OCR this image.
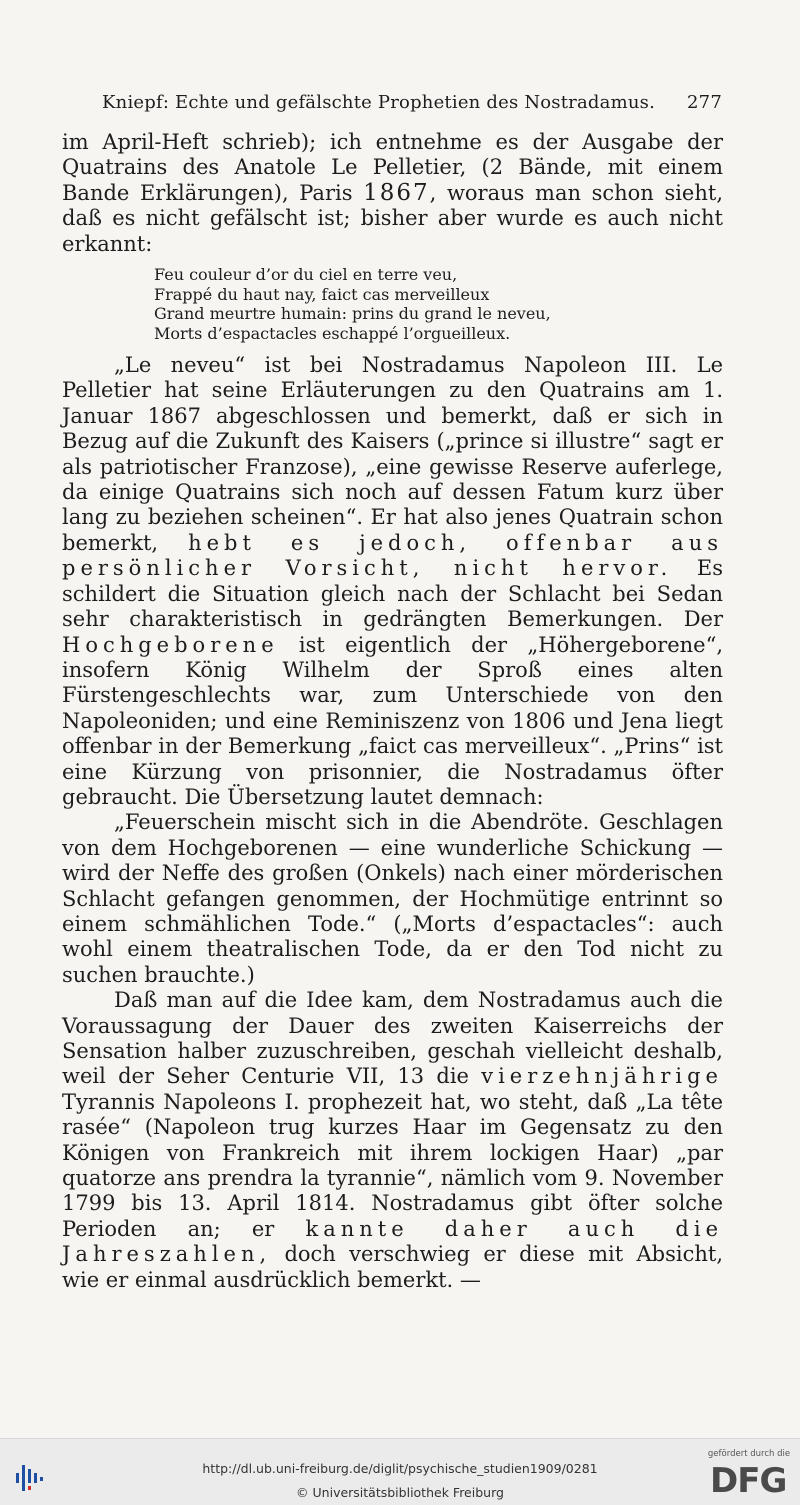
Kniepf: Echte und gefälschte Prophetien des Nostradamus. 277

im April-Heft schrieb); ich entnehme es der Ausgabe der Quatrains des Anatole Le Pelletier, (2 Bände, mit einem Bande Erklärungen), Paris 1867, woraus man schon sieht, daß es nicht gefälscht ist; bisher aber wurde es auch nicht erkannt:

Feu couleur d’or du ciel en terre veu,
Frappé du haut nay, faict cas merveilleux
Grand meurtre humain: prins du grand le neveu,
Morts d’espactacles eschappé l’orgueilleux.

„Le neveu“ ist bei Nostradamus Napoleon III. Le Pelletier hat seine Erläuterungen zu den Quatrains am 1. Januar 1867 abgeschlossen und bemerkt, daß er sich in Bezug auf die Zukunft des Kaisers („prince si illustre“ sagt er als patriotischer Franzose), „eine gewisse Reserve auferlege, da einige Quatrains sich noch auf dessen Fatum kurz über lang zu beziehen scheinen“. Er hat also jenes Quatrain schon bemerkt, hebt es jedoch, offenbar aus persönlicher Vorsicht, nicht hervor. Es schildert die Situation gleich nach der Schlacht bei Sedan sehr charakteristisch in gedrängten Bemerkungen. Der Hochgeborene ist eigentlich der „Höhergeborene“, insofern König Wilhelm der Sproß eines alten Fürstengeschlechts war, zum Unterschiede von den Napoleoniden; und eine Reminiszenz von 1806 und Jena liegt offenbar in der Bemerkung „faict cas merveilleux“. „Prins“ ist eine Kürzung von prisonnier, die Nostradamus öfter gebraucht. Die Übersetzung lautet demnach:

„Feuerschein mischt sich in die Abendröte. Geschlagen von dem Hochgeborenen — eine wunderliche Schickung — wird der Neffe des großen (Onkels) nach einer mörderischen Schlacht gefangen genommen, der Hochmütige entrinnt so einem schmählichen Tode.“ („Morts d’espactacles“: auch wohl einem theatralischen Tode, da er den Tod nicht zu suchen brauchte.)

Daß man auf die Idee kam, dem Nostradamus auch die Voraussagung der Dauer des zweiten Kaiserreichs der Sensation halber zuzuschreiben, geschah vielleicht deshalb, weil der Seher Centurie VII, 13 die vierzehnjährige Tyrannis Napoleons I. prophezeit hat, wo steht, daß „La tête rasée“ (Napoleon trug kurzes Haar im Gegensatz zu den Königen von Frankreich mit ihrem lockigen Haar) „par quatorze ans prendra la tyrannie“, nämlich vom 9. November 1799 bis 13. April 1814. Nostradamus gibt öfter solche Perioden an; er kannte daher auch die Jahreszahlen, doch verschwieg er diese mit Absicht, wie er einmal ausdrücklich bemerkt. —

http://dl.ub.uni-freiburg.de/diglit/psychische_studien1909/0281
© Universitätsbibliothek Freiburg
gefördert durch die
DFG
